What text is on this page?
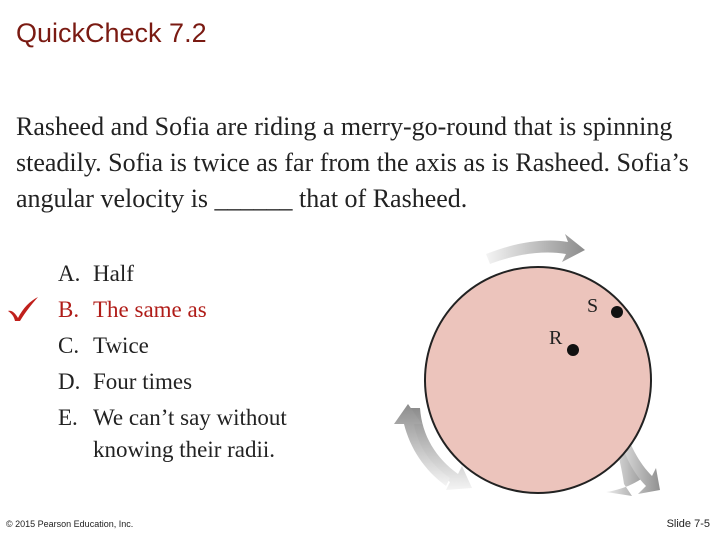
QuickCheck 7.2
Rasheed and Sofia are riding a merry-go-round that is spinning steadily. Sofia is twice as far from the axis as is Rasheed. Sofia’s angular velocity is ______ that of Rasheed.
A. Half
B. The same as
C. Twice
D. Four times
E. We can’t say without knowing their radii.
S
R
© 2015 Pearson Education, Inc.	Slide 7-5
